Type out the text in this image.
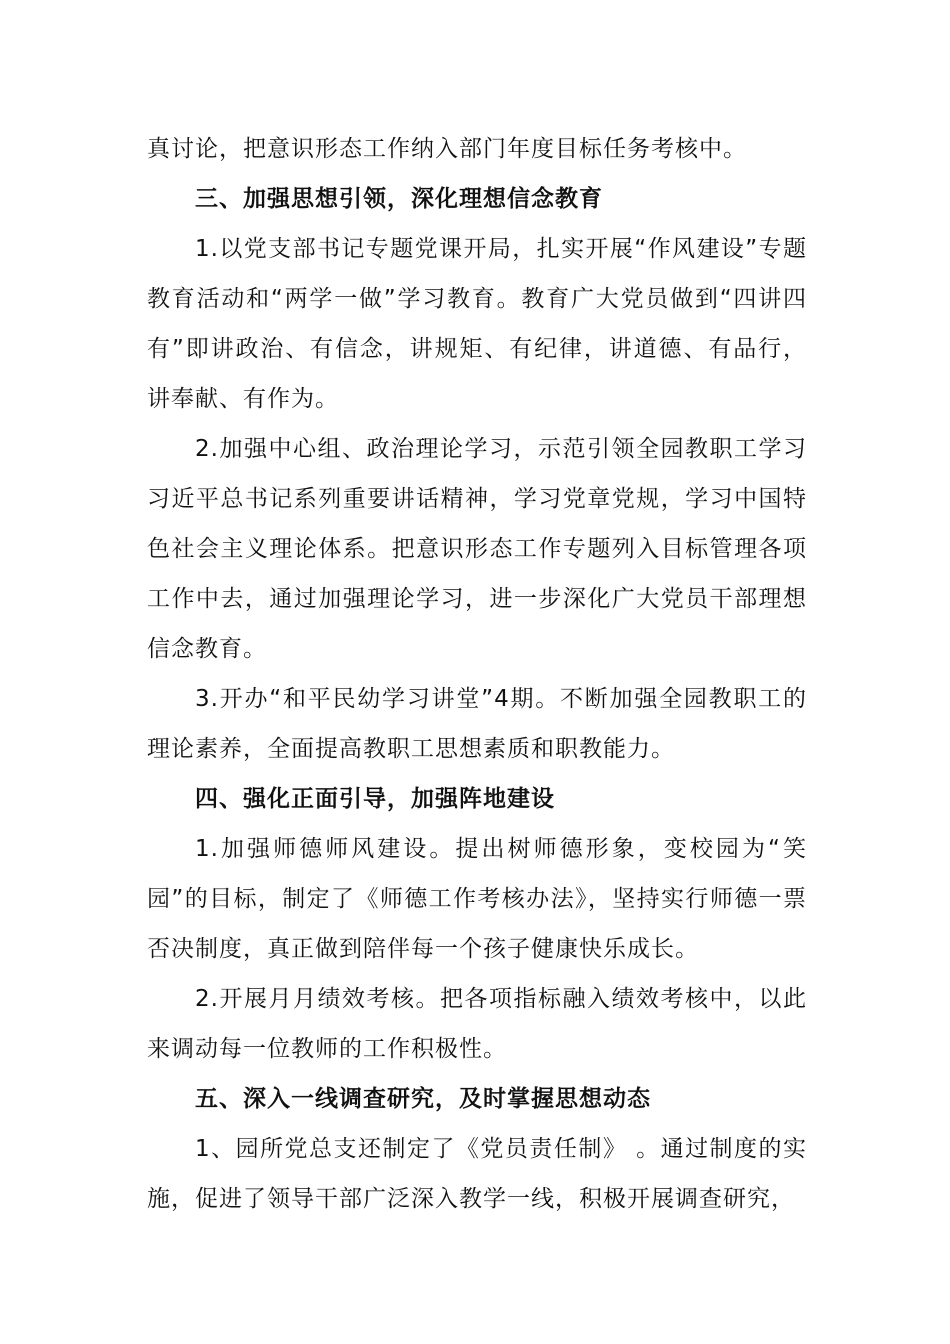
真讨论，把意识形态工作纳入部门年度目标任务考核中。

三、加强思想引领，深化理想信念教育

1.以党支部书记专题党课开局，扎实开展“作风建设”专题教育活动和“两学一做”学习教育。教育广大党员做到“四讲四有”即讲政治、有信念，讲规矩、有纪律，讲道德、有品行，讲奉献、有作为。

2.加强中心组、政治理论学习，示范引领全园教职工学习习近平总书记系列重要讲话精神，学习党章党规，学习中国特色社会主义理论体系。把意识形态工作专题列入目标管理各项工作中去，通过加强理论学习，进一步深化广大党员干部理想信念教育。

3.开办“和平民幼学习讲堂”4期。不断加强全园教职工的理论素养，全面提高教职工思想素质和职教能力。

四、强化正面引导，加强阵地建设

1.加强师德师风建设。提出树师德形象，变校园为“笑园”的目标，制定了《师德工作考核办法》，坚持实行师德一票否决制度，真正做到陪伴每一个孩子健康快乐成长。

2.开展月月绩效考核。把各项指标融入绩效考核中，以此来调动每一位教师的工作积极性。

五、深入一线调查研究，及时掌握思想动态

1、园所党总支还制定了《党员责任制》 。通过制度的实施，促进了领导干部广泛深入教学一线，积极开展调查研究，
